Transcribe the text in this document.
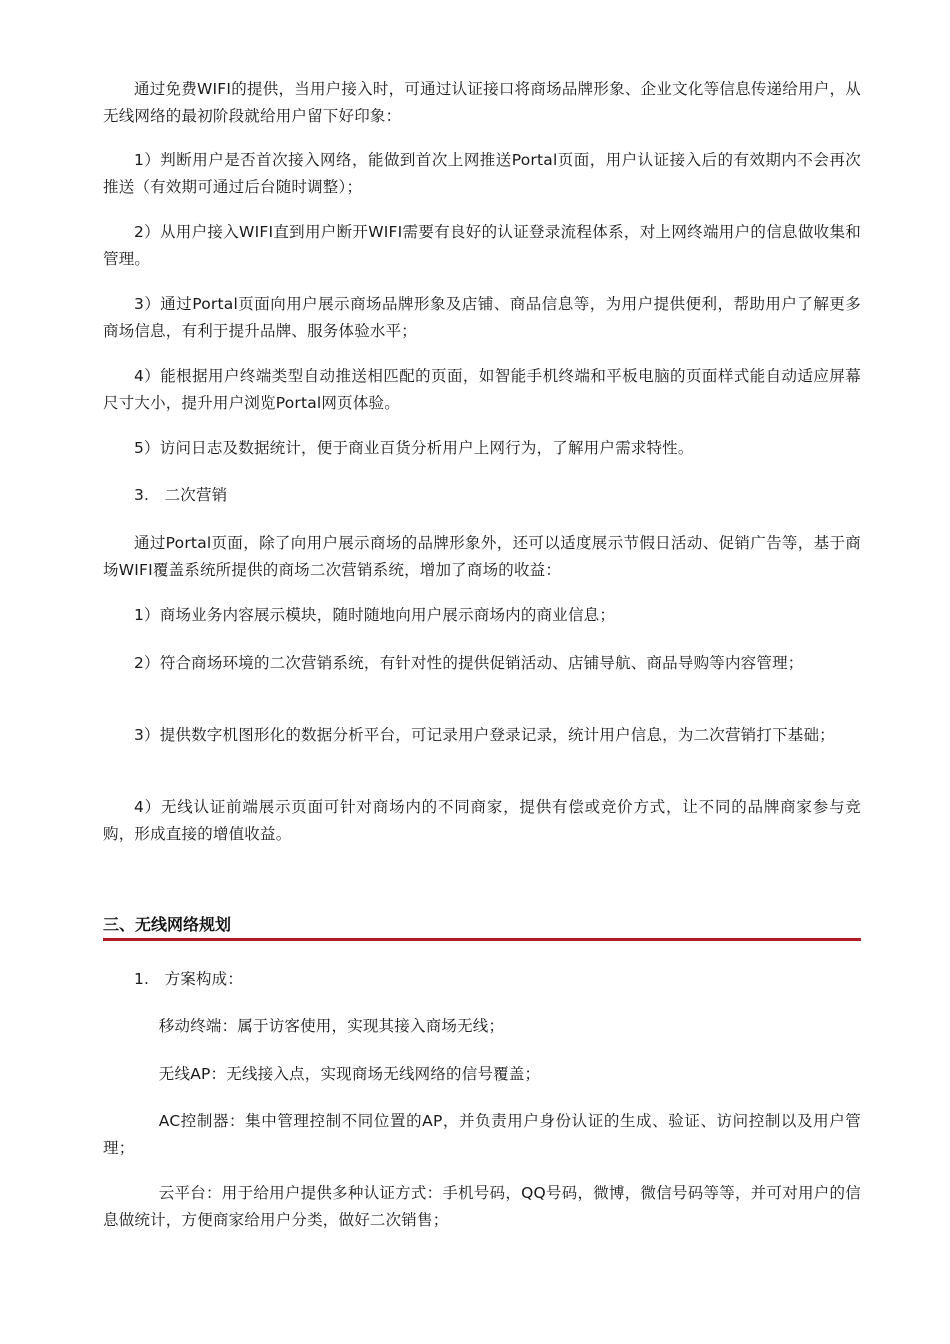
通过免费WIFI的提供，当用户接入时，可通过认证接口将商场品牌形象、企业文化等信息传递给用户，从无线网络的最初阶段就给用户留下好印象：

1）判断用户是否首次接入网络，能做到首次上网推送Portal页面，用户认证接入后的有效期内不会再次推送（有效期可通过后台随时调整）；

2）从用户接入WIFI直到用户断开WIFI需要有良好的认证登录流程体系，对上网终端用户的信息做收集和管理。

3）通过Portal页面向用户展示商场品牌形象及店铺、商品信息等，为用户提供便利，帮助用户了解更多商场信息，有利于提升品牌、服务体验水平；

4）能根据用户终端类型自动推送相匹配的页面，如智能手机终端和平板电脑的页面样式能自动适应屏幕尺寸大小，提升用户浏览Portal网页体验。

5）访问日志及数据统计，便于商业百货分析用户上网行为，了解用户需求特性。

3.   二次营销

通过Portal页面，除了向用户展示商场的品牌形象外，还可以适度展示节假日活动、促销广告等，基于商场WIFI覆盖系统所提供的商场二次营销系统，增加了商场的收益：

1）商场业务内容展示模块，随时随地向用户展示商场内的商业信息；

2）符合商场环境的二次营销系统，有针对性的提供促销活动、店铺导航、商品导购等内容管理；

3）提供数字机图形化的数据分析平台，可记录用户登录记录，统计用户信息，为二次营销打下基础；

4）无线认证前端展示页面可针对商场内的不同商家，提供有偿或竞价方式，让不同的品牌商家参与竞购，形成直接的增值收益。

三、无线网络规划

1.   方案构成：

移动终端：属于访客使用，实现其接入商场无线；

无线AP：无线接入点，实现商场无线网络的信号覆盖；

AC控制器：集中管理控制不同位置的AP，并负责用户身份认证的生成、验证、访问控制以及用户管理；

云平台：用于给用户提供多种认证方式：手机号码，QQ号码，微博，微信号码等等，并可对用户的信息做统计，方便商家给用户分类，做好二次销售；
